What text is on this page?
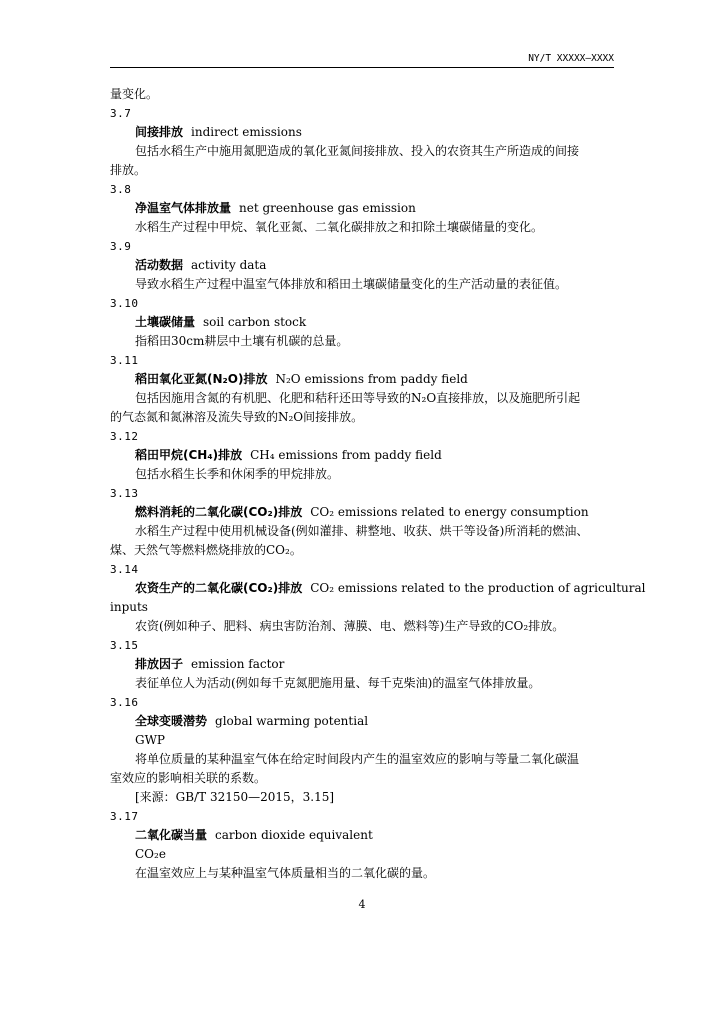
NY/T XXXXX—XXXX
量变化。
3.7
间接排放 indirect emissions
包括水稻生产中施用氮肥造成的氧化亚氮间接排放、投入的农资其生产所造成的间接
排放。
3.8
净温室气体排放量 net greenhouse gas emission
水稻生产过程中甲烷、氧化亚氮、二氧化碳排放之和扣除土壤碳储量的变化。
3.9
活动数据 activity data
导致水稻生产过程中温室气体排放和稻田土壤碳储量变化的生产活动量的表征值。
3.10
土壤碳储量 soil carbon stock
指稻田30cm耕层中土壤有机碳的总量。
3.11
稻田氧化亚氮(N₂O)排放 N₂O emissions from paddy field
包括因施用含氮的有机肥、化肥和秸秆还田等导致的N₂O直接排放，以及施肥所引起
的气态氮和氮淋溶及流失导致的N₂O间接排放。
3.12
稻田甲烷(CH₄)排放 CH₄ emissions from paddy field
包括水稻生长季和休闲季的甲烷排放。
3.13
燃料消耗的二氧化碳(CO₂)排放 CO₂ emissions related to energy consumption
水稻生产过程中使用机械设备(例如灌排、耕整地、收获、烘干等设备)所消耗的燃油、
煤、天然气等燃料燃烧排放的CO₂。
3.14
农资生产的二氧化碳(CO₂)排放 CO₂ emissions related to the production of agricultural
inputs
农资(例如种子、肥料、病虫害防治剂、薄膜、电、燃料等)生产导致的CO₂排放。
3.15
排放因子 emission factor
表征单位人为活动(例如每千克氮肥施用量、每千克柴油)的温室气体排放量。
3.16
全球变暖潜势 global warming potential
GWP
将单位质量的某种温室气体在给定时间段内产生的温室效应的影响与等量二氧化碳温
室效应的影响相关联的系数。
[来源：GB/T 32150—2015，3.15]
3.17
二氧化碳当量 carbon dioxide equivalent
CO₂e
在温室效应上与某种温室气体质量相当的二氧化碳的量。
4
